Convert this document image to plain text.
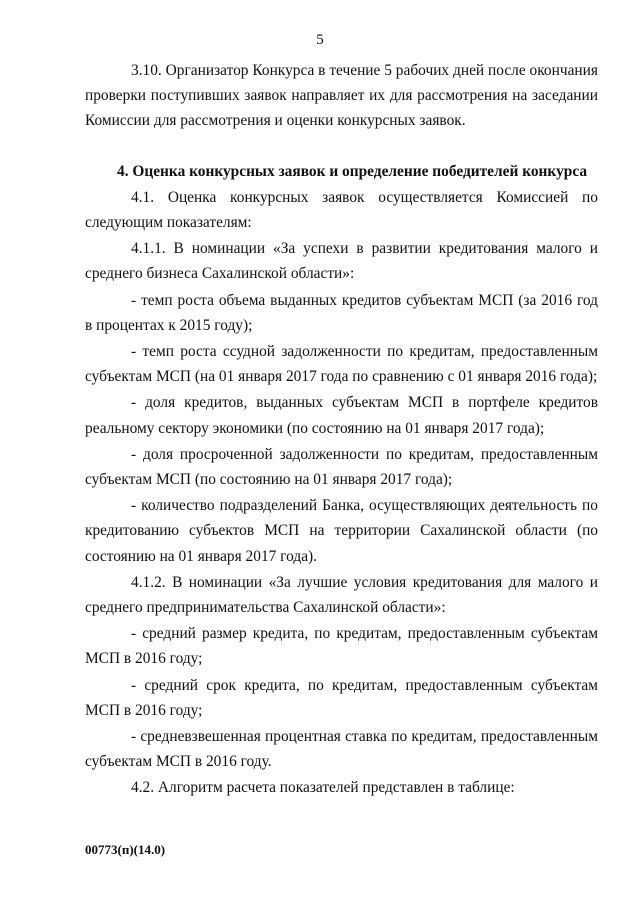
5

3.10. Организатор Конкурса в течение 5 рабочих дней после окончания проверки поступивших заявок направляет их для рассмотрения на заседании Комиссии для рассмотрения и оценки конкурсных заявок.

4. Оценка конкурсных заявок и определение победителей конкурса

4.1. Оценка конкурсных заявок осуществляется Комиссией по следующим показателям:

4.1.1. В номинации «За успехи в развитии кредитования малого и среднего бизнеса Сахалинской области»:

- темп роста объема выданных кредитов субъектам МСП (за 2016 год в процентах к 2015 году);

- темп роста ссудной задолженности по кредитам, предоставленным субъектам МСП (на 01 января 2017 года по сравнению с 01 января 2016 года);

- доля кредитов, выданных субъектам МСП в портфеле кредитов реальному сектору экономики (по состоянию на 01 января 2017 года);

- доля просроченной задолженности по кредитам, предоставленным субъектам МСП (по состоянию на 01 января 2017 года);

- количество подразделений Банка, осуществляющих деятельность по кредитованию субъектов МСП на территории Сахалинской области (по состоянию на 01 января 2017 года).

4.1.2. В номинации «За лучшие условия кредитования для малого и среднего предпринимательства Сахалинской области»:

- средний размер кредита, по кредитам, предоставленным субъектам МСП в 2016 году;

- средний срок кредита, по кредитам, предоставленным субъектам МСП в 2016 году;

- средневзвешенная процентная ставка по кредитам, предоставленным субъектам МСП в 2016 году.

4.2. Алгоритм расчета показателей представлен в таблице:

00773(п)(14.0)
